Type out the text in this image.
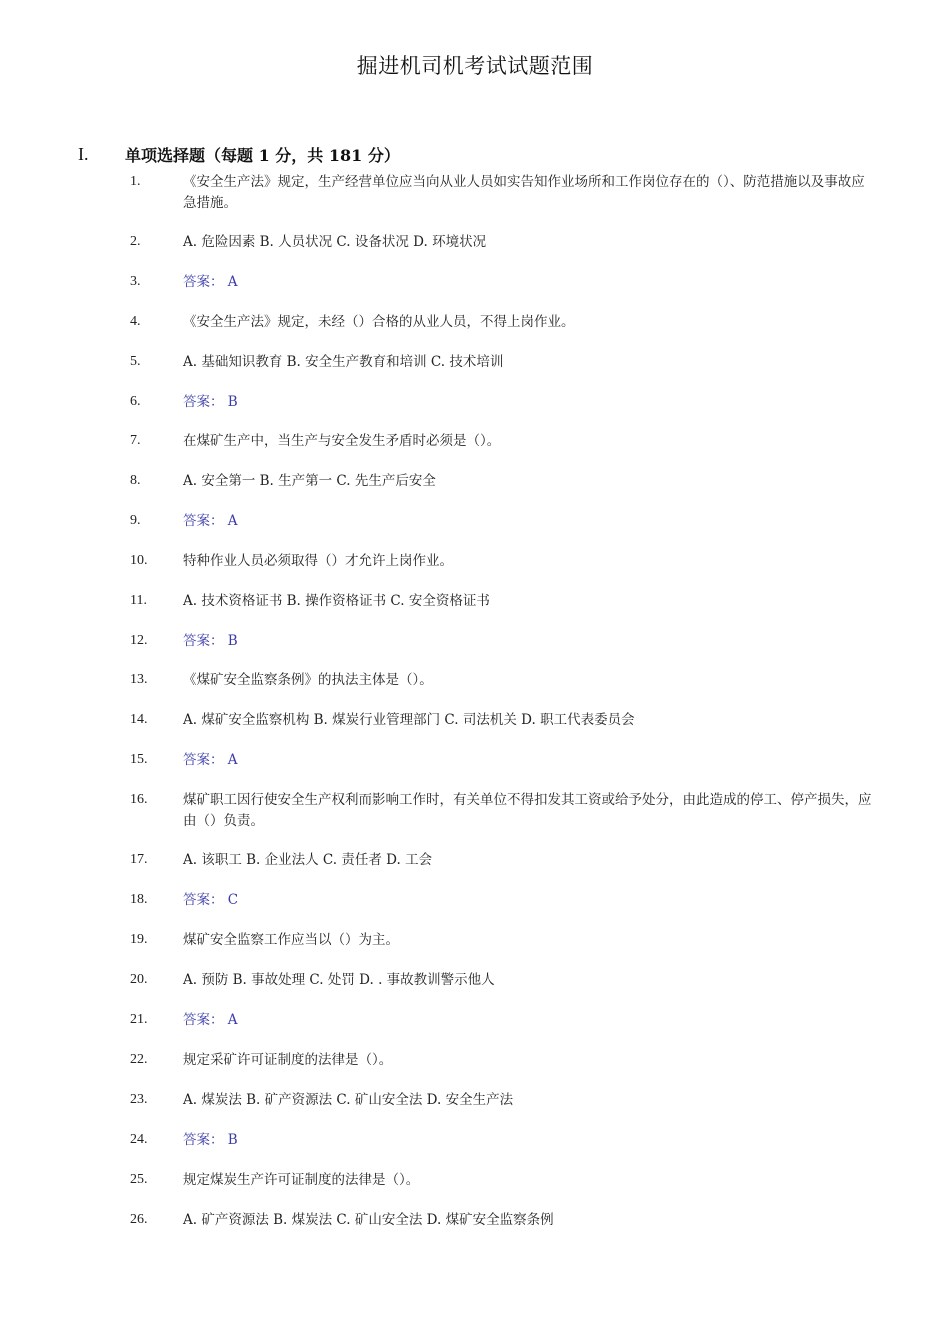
掘进机司机考试试题范围
I. 单项选择题（每题 1 分，共 181 分）
1.	《安全生产法》规定，生产经营单位应当向从业人员如实告知作业场所和工作岗位存在的（）、防范措施以及事故应急措施。
2.	A. 危险因素 B. 人员状况 C. 设备状况 D. 环境状况
3.	答案： A
4.	《安全生产法》规定，未经（）合格的从业人员，不得上岗作业。
5.	A. 基础知识教育 B. 安全生产教育和培训 C. 技术培训
6.	答案： B
7.	在煤矿生产中，当生产与安全发生矛盾时必须是（）。
8.	A. 安全第一 B. 生产第一 C. 先生产后安全
9.	答案： A
10.	特种作业人员必须取得（）才允许上岗作业。
11.	A. 技术资格证书 B. 操作资格证书 C. 安全资格证书
12.	答案： B
13.	《煤矿安全监察条例》的执法主体是（）。
14.	A. 煤矿安全监察机构 B. 煤炭行业管理部门 C. 司法机关 D. 职工代表委员会
15.	答案： A
16.	煤矿职工因行使安全生产权利而影响工作时，有关单位不得扣发其工资或给予处分，由此造成的停工、停产损失，应由（）负责。
17.	A. 该职工 B. 企业法人 C. 责任者 D. 工会
18.	答案： C
19.	煤矿安全监察工作应当以（）为主。
20.	A. 预防 B. 事故处理 C. 处罚 D. . 事故教训警示他人
21.	答案： A
22.	规定采矿许可证制度的法律是（）。
23.	A. 煤炭法 B. 矿产资源法 C. 矿山安全法 D. 安全生产法
24.	答案： B
25.	规定煤炭生产许可证制度的法律是（）。
26.	A. 矿产资源法 B. 煤炭法 C. 矿山安全法 D. 煤矿安全监察条例
